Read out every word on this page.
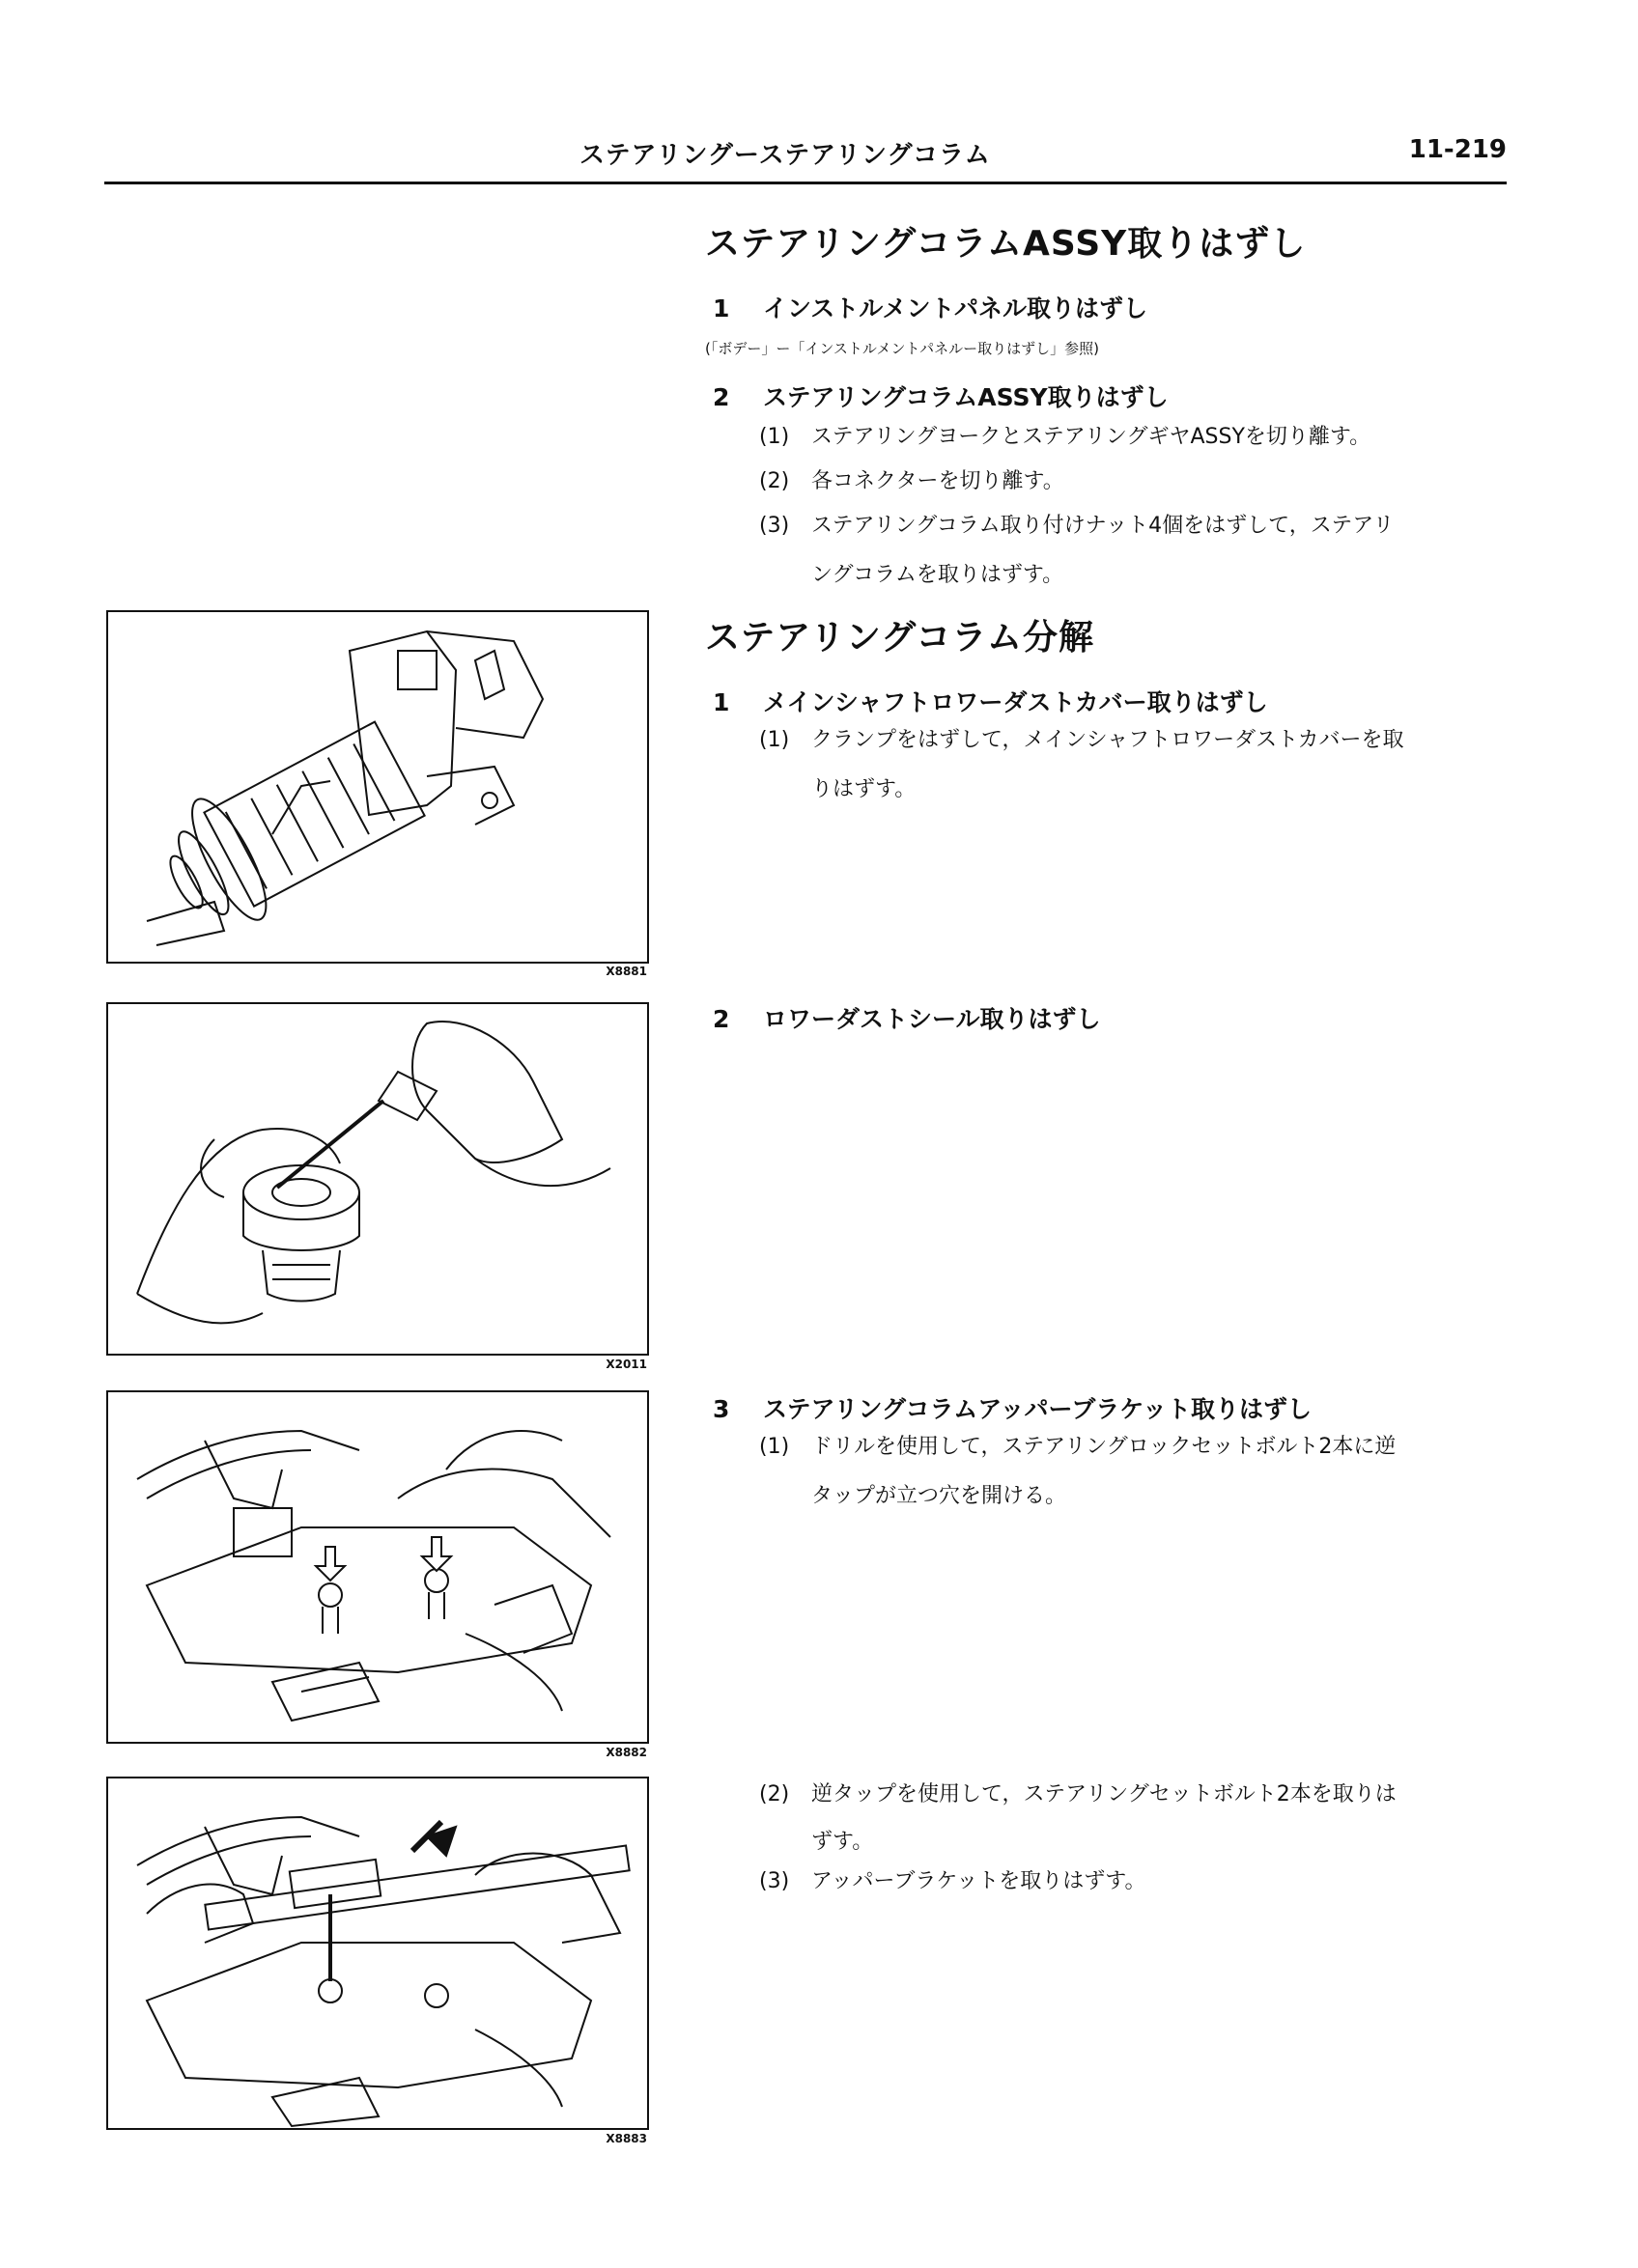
ステアリングーステアリングコラム	11-219
ステアリングコラムASSY取りはずし
1 インストルメントパネル取りはずし
(「ボデー」ー「インストルメントパネルー取りはずし」参照)
2 ステアリングコラムASSY取りはずし
(1) ステアリングヨークとステアリングギヤASSYを切り離す。
(2) 各コネクターを切り離す。
(3) ステアリングコラム取り付けナット4個をはずして，ステアリ
ングコラムを取りはずす。
ステアリングコラム分解
1 メインシャフトロワーダストカバー取りはずし
(1) クランプをはずして，メインシャフトロワーダストカバーを取
りはずす。
2 ロワーダストシール取りはずし
3 ステアリングコラムアッパーブラケット取りはずし
(1) ドリルを使用して，ステアリングロックセットボルト2本に逆
タップが立つ穴を開ける。
(2) 逆タップを使用して，ステアリングセットボルト2本を取りは
ずす。
(3) アッパーブラケットを取りはずす。
X8881
X2011
X8882
X8883
